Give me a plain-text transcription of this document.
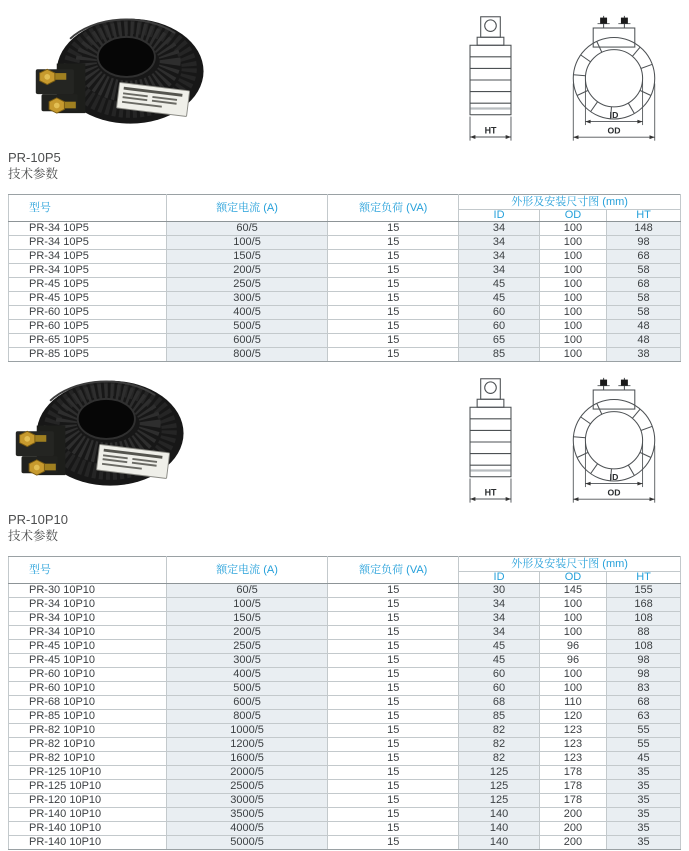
PR-10P5
技术参数
型号	额定电流 (A)	额定负荷 (VA)	外形及安装尺寸图 (mm)		
			ID	OD	HT
PR-34 10P5	60/5	15	34	100	148
PR-34 10P5	100/5	15	34	100	98
PR-34 10P5	150/5	15	34	100	68
PR-34 10P5	200/5	15	34	100	58
PR-45 10P5	250/5	15	45	100	68
PR-45 10P5	300/5	15	45	100	58
PR-60 10P5	400/5	15	60	100	58
PR-60 10P5	500/5	15	60	100	48
PR-65 10P5	600/5	15	65	100	48
PR-85 10P5	800/5	15	85	100	38
PR-10P10
技术参数
型号	额定电流 (A)	额定负荷 (VA)	外形及安装尺寸图 (mm)		
			ID	OD	HT
PR-30 10P10	60/5	15	30	145	155
PR-34 10P10	100/5	15	34	100	168
PR-34 10P10	150/5	15	34	100	108
PR-34 10P10	200/5	15	34	100	88
PR-45 10P10	250/5	15	45	96	108
PR-45 10P10	300/5	15	45	96	98
PR-60 10P10	400/5	15	60	100	98
PR-60 10P10	500/5	15	60	100	83
PR-68 10P10	600/5	15	68	110	68
PR-85 10P10	800/5	15	85	120	63
PR-82 10P10	1000/5	15	82	123	55
PR-82 10P10	1200/5	15	82	123	55
PR-82 10P10	1600/5	15	82	123	45
PR-125 10P10	2000/5	15	125	178	35
PR-125 10P10	2500/5	15	125	178	35
PR-120 10P10	3000/5	15	125	178	35
PR-140 10P10	3500/5	15	140	200	35
PR-140 10P10	4000/5	15	140	200	35
PR-140 10P10	5000/5	15	140	200	35
